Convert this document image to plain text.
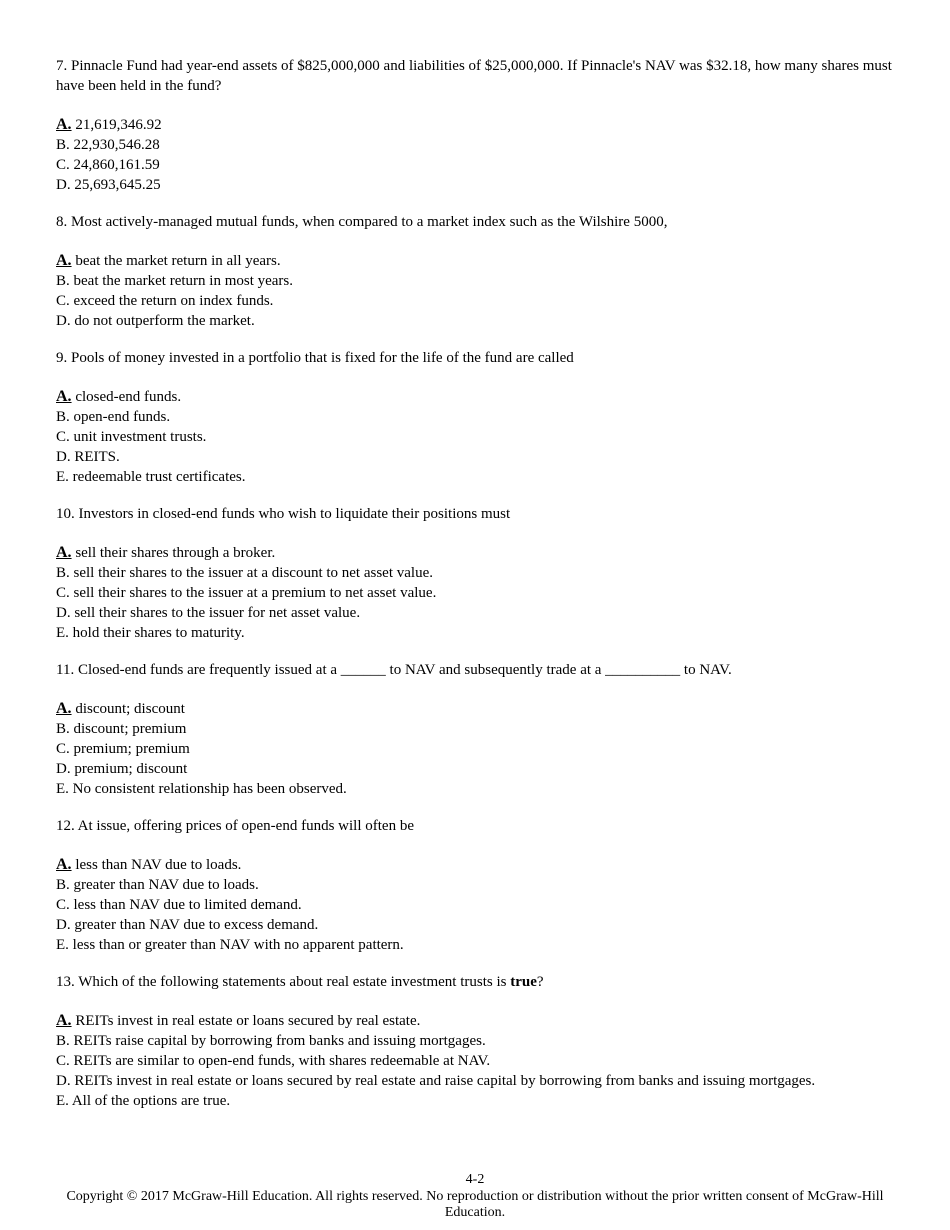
7. Pinnacle Fund had year-end assets of $825,000,000 and liabilities of $25,000,000. If Pinnacle's NAV was $32.18, how many shares must have been held in the fund?
A. 21,619,346.92
B. 22,930,546.28
C. 24,860,161.59
D. 25,693,645.25
8. Most actively-managed mutual funds, when compared to a market index such as the Wilshire 5000,
A. beat the market return in all years.
B. beat the market return in most years.
C. exceed the return on index funds.
D. do not outperform the market.
9. Pools of money invested in a portfolio that is fixed for the life of the fund are called
A. closed-end funds.
B. open-end funds.
C. unit investment trusts.
D. REITS.
E. redeemable trust certificates.
10. Investors in closed-end funds who wish to liquidate their positions must
A. sell their shares through a broker.
B. sell their shares to the issuer at a discount to net asset value.
C. sell their shares to the issuer at a premium to net asset value.
D. sell their shares to the issuer for net asset value.
E. hold their shares to maturity.
11. Closed-end funds are frequently issued at a ______ to NAV and subsequently trade at a __________ to NAV.
A. discount; discount
B. discount; premium
C. premium; premium
D. premium; discount
E. No consistent relationship has been observed.
12. At issue, offering prices of open-end funds will often be
A. less than NAV due to loads.
B. greater than NAV due to loads.
C. less than NAV due to limited demand.
D. greater than NAV due to excess demand.
E. less than or greater than NAV with no apparent pattern.
13. Which of the following statements about real estate investment trusts is true?
A. REITs invest in real estate or loans secured by real estate.
B. REITs raise capital by borrowing from banks and issuing mortgages.
C. REITs are similar to open-end funds, with shares redeemable at NAV.
D. REITs invest in real estate or loans secured by real estate and raise capital by borrowing from banks and issuing mortgages.
E. All of the options are true.
4-2
Copyright © 2017 McGraw-Hill Education. All rights reserved. No reproduction or distribution without the prior written consent of McGraw-Hill Education.
